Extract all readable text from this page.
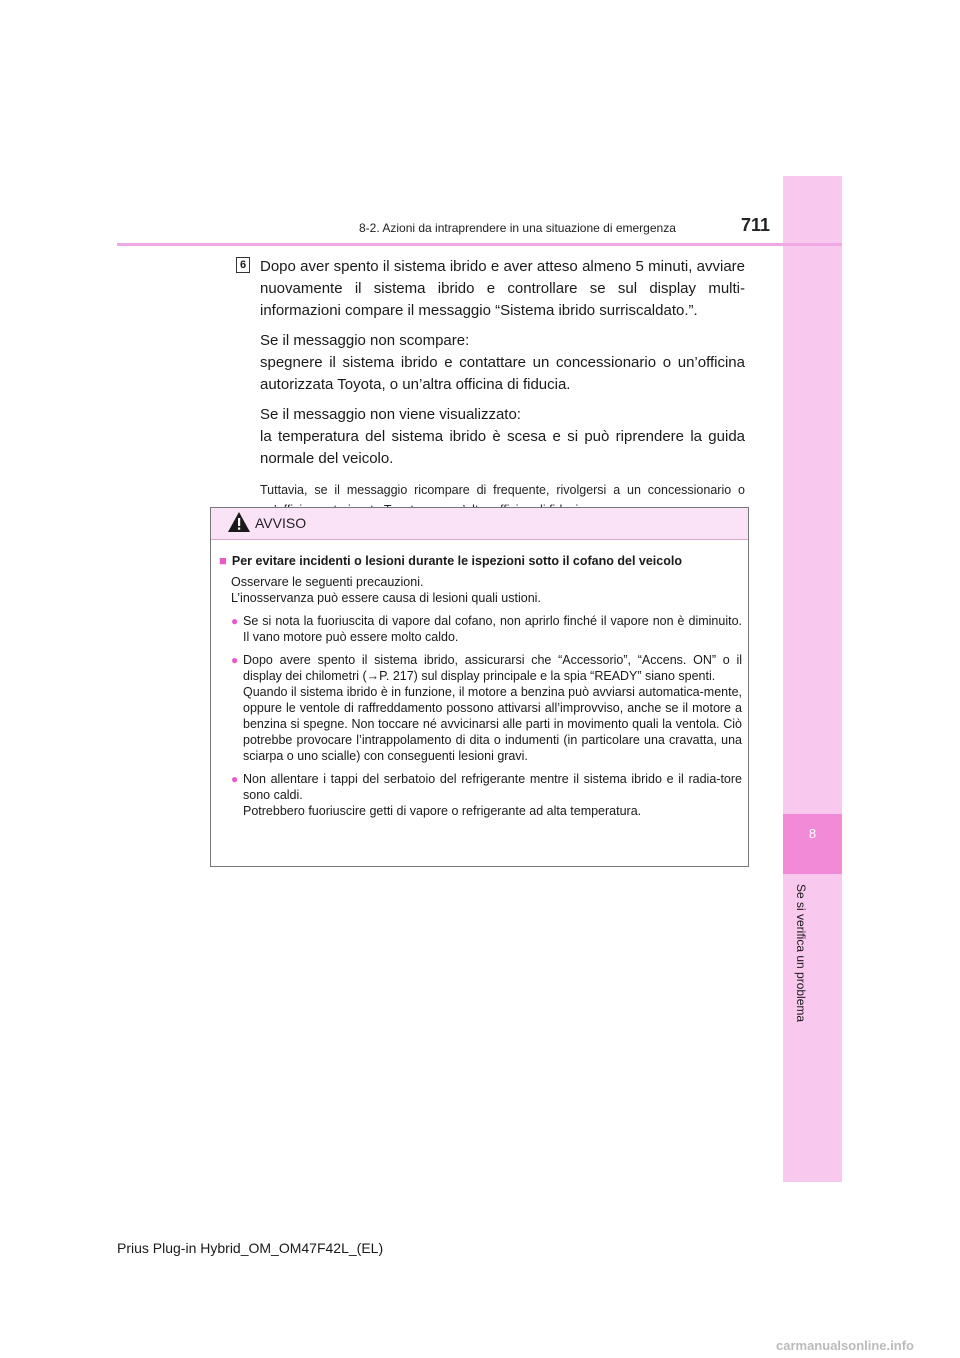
8
Se si verifica un problema
8-2. Azioni da intraprendere in una situazione di emergenza	711
6 Dopo aver spento il sistema ibrido e aver atteso almeno 5 minuti, avviare nuovamente il sistema ibrido e controllare se sul display multi-informazioni compare il messaggio “Sistema ibrido surriscaldato.”.

Se il messaggio non scompare:

spegnere il sistema ibrido e contattare un concessionario o un’officina autorizzata Toyota, o un’altra officina di fiducia.

Se il messaggio non viene visualizzato:

la temperatura del sistema ibrido è scesa e si può riprendere la guida normale del veicolo.

Tuttavia, se il messaggio ricompare di frequente, rivolgersi a un concessionario o

AVVISO
■ Per evitare incidenti o lesioni durante le ispezioni sotto il cofano del veicolo
Osservare le seguenti precauzioni.
L’inosservanza può essere causa di lesioni quali ustioni.
● Se si nota la fuoriuscita di vapore dal cofano, non aprirlo finché il vapore non è diminuito. Il vano motore può essere molto caldo.
● Dopo avere spento il sistema ibrido, assicurarsi che “Accessorio”, “Accens. ON” o il display dei chilometri (→P. 217) sul display principale e la spia “READY” siano spenti.
Quando il sistema ibrido è in funzione, il motore a benzina può avviarsi automatica-mente, oppure le ventole di raffreddamento possono attivarsi all’improvviso, anche se il motore a benzina si spegne. Non toccare né avvicinarsi alle parti in movimento quali la ventola. Ciò potrebbe provocare l’intrappolamento di dita o indumenti (in particolare una cravatta, una sciarpa o uno scialle) con conseguenti lesioni gravi.
● Non allentare i tappi del serbatoio del refrigerante mentre il sistema ibrido e il radia-tore sono caldi.
Potrebbero fuoriuscire getti di vapore o refrigerante ad alta temperatura.
Prius Plug-in Hybrid_OM_OM47F42L_(EL)
carmanualsonline.info
